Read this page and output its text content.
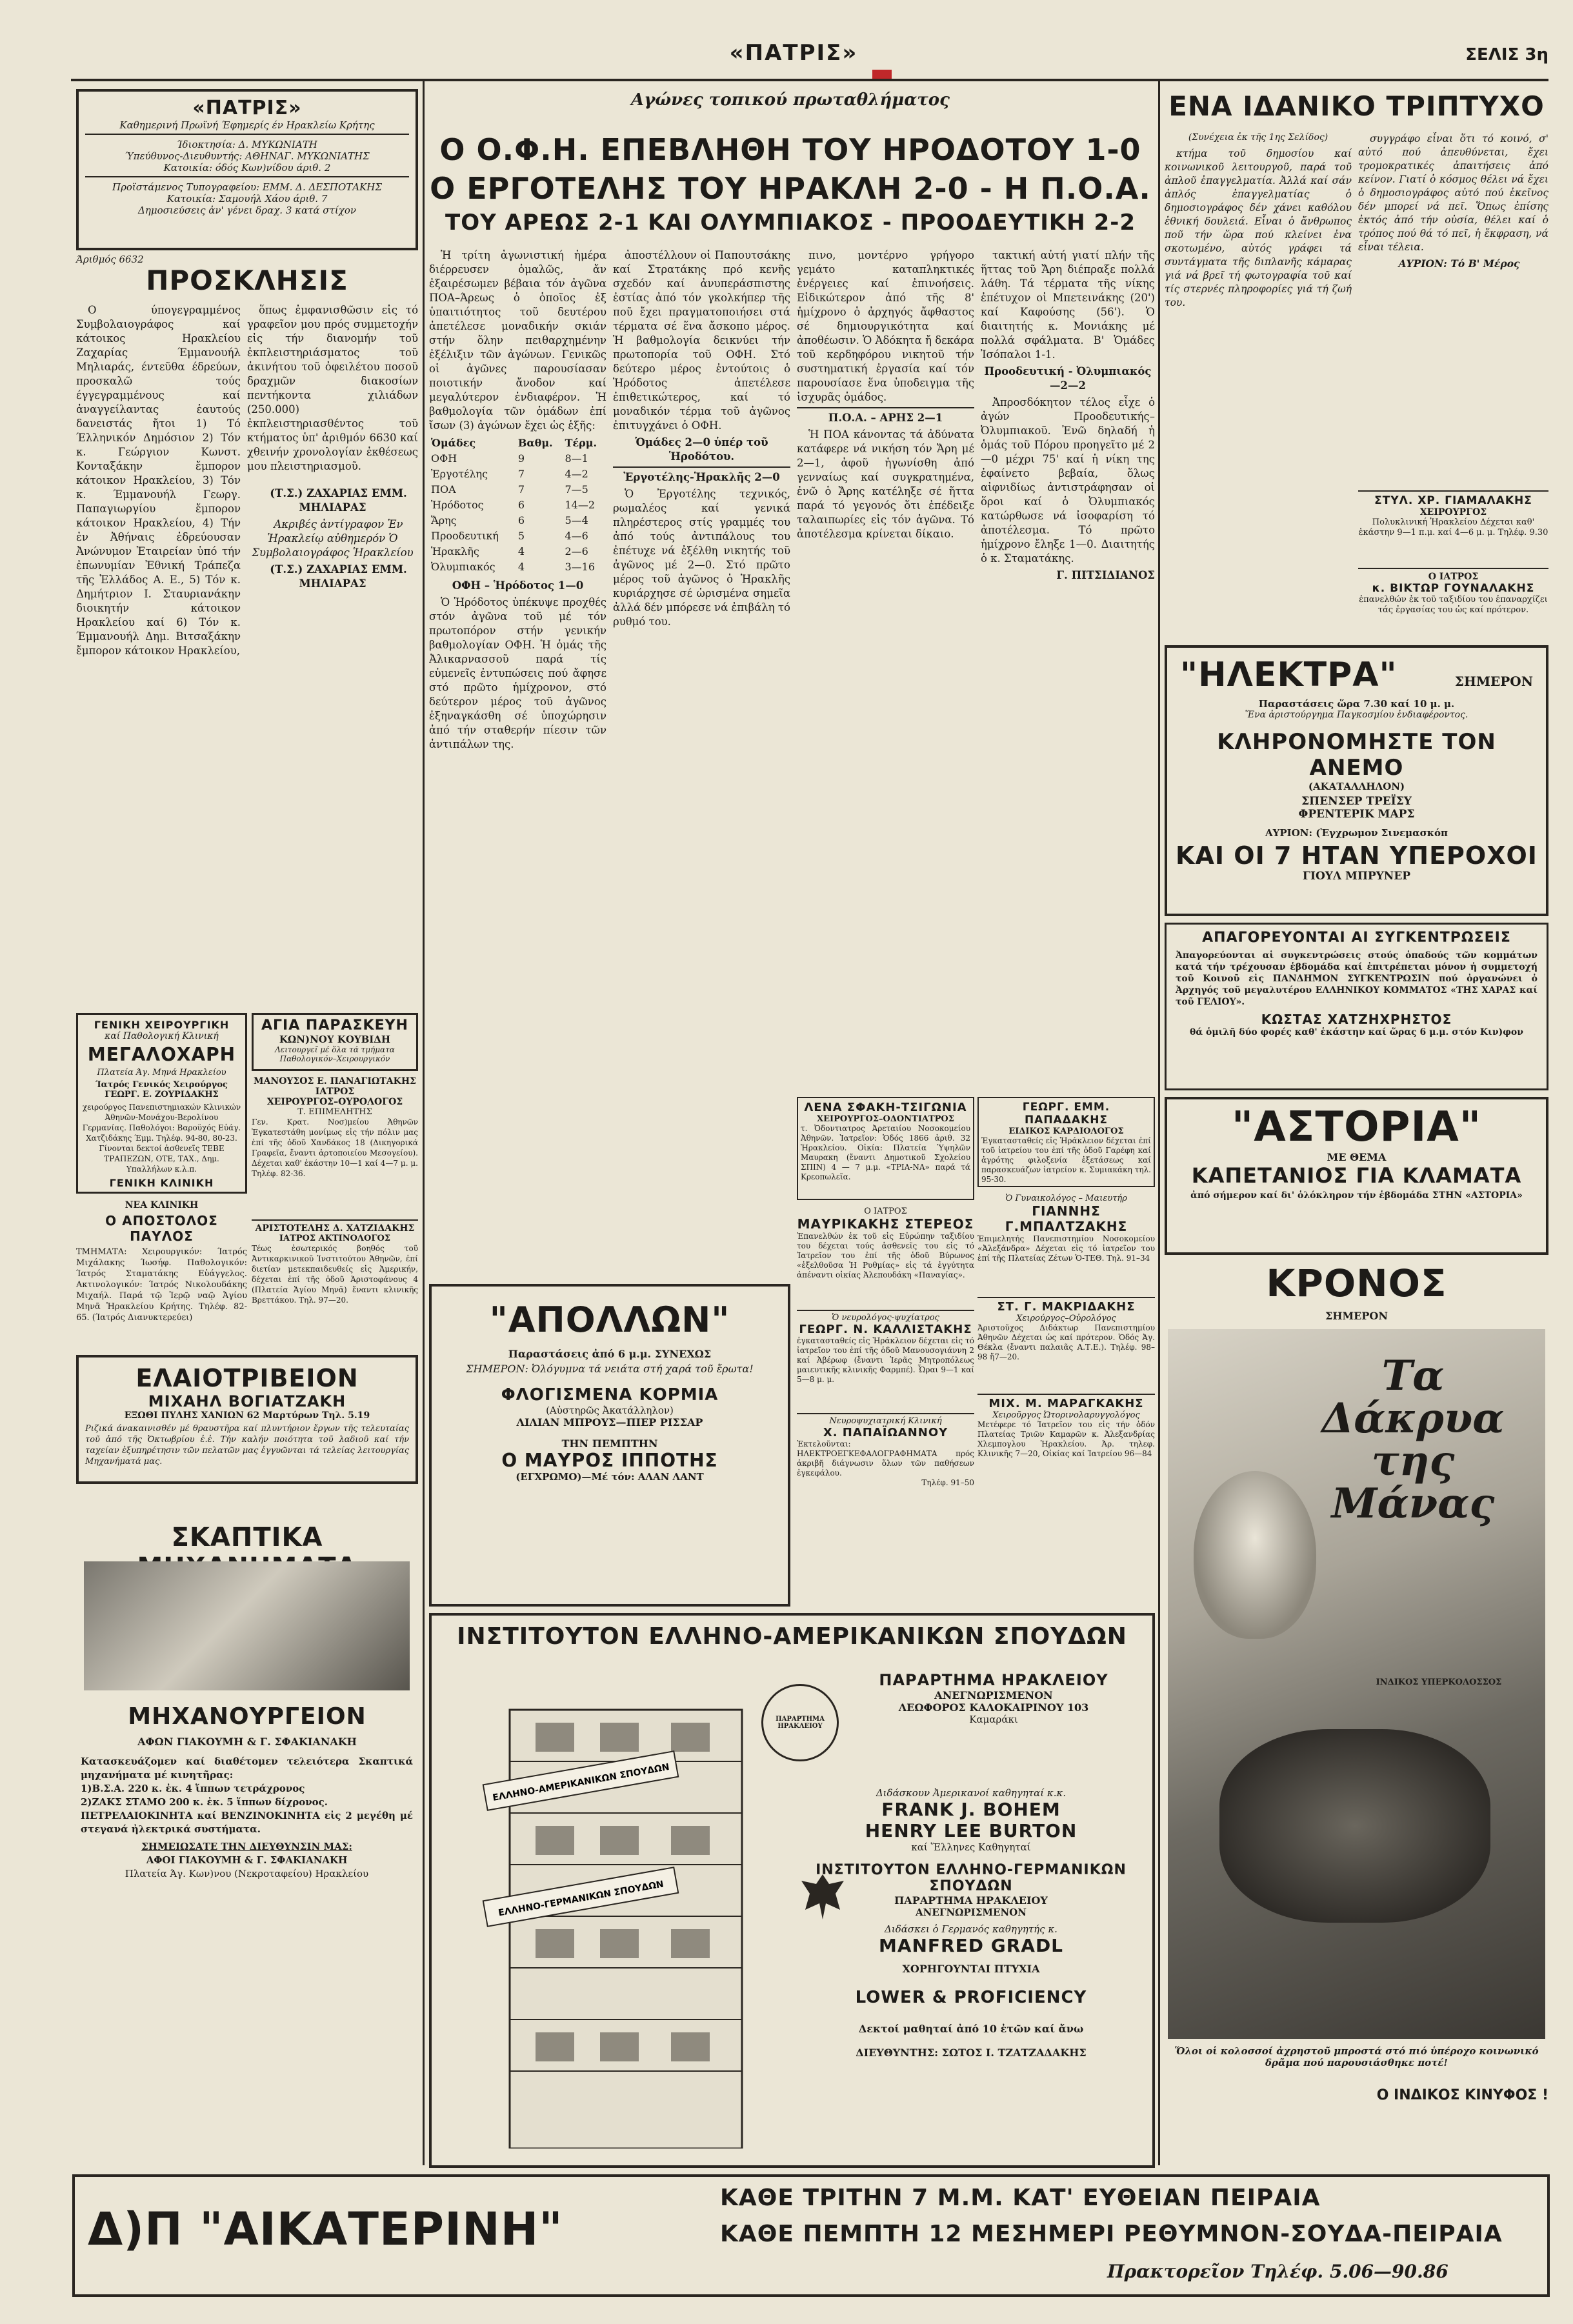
«ΠΑΤΡΙΣ»	ΣΕΛΙΣ 3η
«ΠΑΤΡΙΣ»
Καθημερινή Πρωϊνή Έφημερίς έν Ηρακλείω Κρήτης
Ίδιοκτησία: Δ. ΜΥΚΩΝΙΑΤΗ
Ύπεύθυνος-Διευθυντής: ΑΘΗΝΑΓ. ΜΥΚΩΝΙΑΤΗΣ
Κατοικία: όδός Κων)νίδου άριθ. 2
Προϊστάμενος Τυπογραφείου: ΕΜΜ. Δ. ΔΕΣΠΟΤΑΚΗΣ
Κατοικία: Σαμουήλ Χάου άριθ. 7
Δημοσιεύσεις ἀν' γένει δραχ. 3 κατά στίχον
Άριθμός 6632
ΠΡΟΣΚΛΗΣΙΣ

Ο ύπογεγραμμένος Συμβολαιογράφος καί κάτοικος Ηρακλείου Ζαχαρίας Έμμανουήλ Μηλιαράς, έντεῦθα έδρεύων, προσκαλῶ τούς έγγεγραμμένους καί ἀναγγείλαντας ἑαυτούς δανειστάς ἤτοι 1) Τό Έλληνικόν Δημόσιον 2) Τόν κ. Γεώργιον Κωνστ. Κονταξάκην ἔμπορον κάτοικον Ηρακλείου, 3) Τόν κ. Έμμανουήλ Γεωργ. Παπαγιωργίου ἔμπορον κάτοικον Ηρακλείου, 4) Τήν ἐν Ἀθήναις ἐδρεύουσαν Ἀνώνυμον Ἑταιρείαν ὑπό τήν ἐπωνυμίαν Ἐθνική Τράπεζα τῆς Ἑλλάδος Α. Ε., 5) Τόν κ. Δημήτριον Ι. Σταυριανάκην διοικητήν κάτοικον Ηρακλείου καί 6) Τόν κ. Έμμανουήλ Δημ. Βιτσαξάκην ἔμπορον κάτοικον Ηρακλείου,

ὅπως ἐμφανισθῶσιν εἰς τό γραφεῖον μου πρός συμμετοχήν εἰς τήν διανομήν τοῦ ἐκπλειστηριάσματος τοῦ ἀκινήτου τοῦ ὀφειλέτου ποσοῦ δραχμῶν διακοσίων πεντήκοντα χιλιάδων (250.000) ἐκπλειστηριασθέντος τοῦ κτήματος ὑπ' ἀριθμόν 6630 καί χθεινήν χρονολογίαν ἐκθέσεως μου πλειστηριασμοῦ.

(Τ.Σ.) ΖΑΧΑΡΙΑΣ ΕΜΜ. ΜΗΛΙΑΡΑΣ

Ακριβές ἀντίγραφον Ἐν Ἡρακλείῳ αὐθημερόν Ὁ Συμβολαιογράφος Ἡρακλείου

(Τ.Σ.) ΖΑΧΑΡΙΑΣ ΕΜΜ. ΜΗΛΙΑΡΑΣ

ΓΕΝΙΚΗ ΧΕΙΡΟΥΡΓΙΚΗ
καί Παθολογική Κλινική
ΜΕΓΑΛΟΧΑΡΗ
Πλατεία Άγ. Μηνά Ηρακλείου
Ίατρός Γενικός Χειρούργος ΓΕΩΡΓ. Ε. ΖΟΥΡΙΔΑΚΗΣ
χειρούργος Πανεπιστημιακών Κλινικών Ἀθηνῶν-Μονάχου-Βερολίνου Γερμανίας. Παθολόγοι: Βαροϋχός Εὐάγ. Χατζιδάκης Έμμ. Τηλέφ. 94-80, 80-23. Γίνονται δεκτοί ἀσθενεῖς ΤΕΒΕ ΤΡΑΠΕΖΩΝ, ΟΤΕ, ΤΑΧ., Δημ. Υπαλλήλων κ.λ.π.
ΓΕΝΙΚΗ ΚΛΙΝΙΚΗ
ΝΕΑ ΚΛΙΝΙΚΗ
Ο ΑΠΟΣΤΟΛΟΣ ΠΑΥΛΟΣ
ΤΜΗΜΑΤΑ: Χειρουργικόν: Ίατρός Μιχάλακης Ίωσήφ. Παθολογικόν: Ίατρός Σταματάκης Εὐάγγελος. Ακτινολογικόν: Ίατρός Νικολουδάκης Μιχαήλ. Παρά τῷ Ἱερῷ ναῷ Ἁγίου Μηνᾶ Ἡρακλείου Κρήτης. Τηλέφ. 82-65. (Ίατρός Διανυκτερεύει)
ΑΓΙΑ ΠΑΡΑΣΚΕΥΗ
ΚΩΝ)ΝΟΥ ΚΟΥΒΙΔΗ
Λειτουργεῖ μέ ὅλα τά τμήματα Παθολογικόν–Χειρουργικόν
ΜΑΝΟΥΣΟΣ Ε. ΠΑΝΑΓΙΩΤΑΚΗΣ
ΙΑΤΡΟΣ
ΧΕΙΡΟΥΡΓΟΣ–ΟΥΡΟΛΟΓΟΣ
Τ. ΕΠΙΜΕΛΗΤΗΣ
Γεν. Κρατ. Νοσ)μείου Ἀθηνῶν Ἐγκατεστάθη μονίμως εἰς τήν πόλιν μας ἐπί τῆς ὁδοῦ Χανδάκος 18 (Δικηγορικά Γραφεῖα, ἔναντι ἀρτοποιείου Μεσογείου). Δέχεται καθ' ἑκάστην 10—1 καί 4—7 μ. μ. Τηλέφ. 82-36.
ΑΡΙΣΤΟΤΕΛΗΣ Δ. ΧΑΤΖΙΔΑΚΗΣ
ΙΑΤΡΟΣ ΑΚΤΙΝΟΛΟΓΟΣ
Τέως ἐσωτερικός βοηθός τοῦ Ἀντικαρκινικοῦ Ἰνστιτούτου Ἀθηνῶν, ἐπί διετίαν μετεκπαιδευθείς εἰς Ἀμερικήν, δέχεται ἐπί τῆς ὁδοῦ Ἀριστοφάνους 4 (Πλατεία Ἁγίου Μηνᾶ) ἔναντι κλινικῆς Βρεττάκου. Τηλ. 97—20.
ΕΛΑΙΟΤΡΙΒΕΙΟΝ
ΜΙΧΑΗΛ ΒΟΓΙΑΤΖΑΚΗ
ΕΞΩΘΙ ΠΥΛΗΣ ΧΑΝΙΩΝ 62 Μαρτύρων Τηλ. 5.19
Ριζικά άνακαινισθέν μέ θραυστῆρα καί πλυντήριον ἔργων τῆς τελευταίας τοῦ ἀπό τῆς Ὀκτωβρίου ἐ.ἐ. Τήν καλήν ποιότητα τοῦ λαδιοῦ καί τήν ταχείαν ἐξυπηρέτησιν τῶν πελατῶν μας ἐγγυῶνται τά τελείας λειτουργίας Μηχανήματά μας.
ΣΚΑΠΤΙΚΑ
ΜΗΧΑΝΟΥΡΓΕΙΟΝ
ΑΦΩΝ ΓΙΑΚΟΥΜΗ & Γ. ΣΦΑΚΙΑΝΑΚΗ
Κατασκευάζομεν καί διαθέτομεν τελειότερα Σκαπτικά μηχανήματα μέ κινητῆρας:
1)Β.Σ.Α. 220 κ. ἐκ. 4 ἵππων τετράχρονος
2)ΖΑΚΣ ΣΤΑΜΟ 200 κ. ἐκ. 5 ἵππων δίχρονος.
ΠΕΤΡΕΛΑΙΟΚΙΝΗΤΑ καί ΒΕΝΖΙΝΟΚΙΝΗΤΑ εἰς 2 μεγέθη μέ στεγανά ἠλεκτρικά συστήματα.
ΣΗΜΕΙΩΣΑΤΕ ΤΗΝ ΔΙΕΥΘΥΝΣΙΝ ΜΑΣ:
ΑΦΟΙ ΓΙΑΚΟΥΜΗ & Γ. ΣΦΑΚΙΑΝΑΚΗ
Πλατεία Άγ. Κων)νου (Νεκροταφείου) Ηρακλείου
Αγώνες τοπικού πρωταθλήματος
Ο Ο.Φ.Η. ΕΠΕΒΛΗΘΗ ΤΟΥ ΗΡΟΔΟΤΟΥ 1-0
Ο ΕΡΓΟΤΕΛΗΣ ΤΟΥ ΗΡΑΚΛΗ 2-0 - Η Π.Ο.Α.
ΤΟΥ ΑΡΕΩΣ 2-1 ΚΑΙ ΟΛΥΜΠΙΑΚΟΣ - ΠΡΟΟΔΕΥΤΙΚΗ 2-2

Ἡ τρίτη ἀγωνιστική ἡμέρα διέρρευσεν ὁμαλῶς, ἄν ἐξαιρέσωμεν βέβαια τόν ἀγῶνα ΠΟΑ–Άρεως ὁ ὁποῖος ἐξ ὑπαιτιότητος τοῦ δευτέρου ἀπετέλεσε μοναδικήν σκιάν στήν ὅλην πειθαρχημένην ἐξέλιξιν τῶν ἀγώνων. Γενικῶς οἱ ἀγῶνες παρουσίασαν ποιοτικήν ἄνοδον καί μεγαλύτερον ἐνδιαφέρον. Ἡ βαθμολογία τῶν ὁμάδων ἐπί ἴσων (3) ἀγώνων ἔχει ὡς ἑξῆς:

Ὁμάδες	Βαθμ.	Τέρμ.
ΟΦΗ	9	8—1
Ἐργοτέλης	7	4—2
ΠΟΑ	7	7—5
Ἡρόδοτος	6	14—2
Ἄρης	6	5—4
Προοδευτική	5	4—6
Ἡρακλῆς	4	2—6
Ὀλυμπιακός	4	3—16

ΟΦΗ – Ἡρόδοτος 1—0

Ὁ Ἡρόδοτος ὑπέκυψε προχθές στόν ἀγῶνα τοῦ μέ τόν πρωτοπόρον στήν γενικήν βαθμολογίαν ΟΦΗ. Ἡ ὁμάς τῆς Ἀλικαρνασσοῦ παρά τίς εὐμενεῖς ἐντυπώσεις πού ἄφησε στό πρῶτο ἡμίχρονον, στό δεύτερον μέρος τοῦ ἀγῶνος ἐξηναγκάσθη σέ ὑποχώρησιν ἀπό τήν σταθερήν πίεσιν τῶν ἀντιπάλων της.

ἀποστέλλουν οἱ Παπουτσάκης καί Στρατάκης πρό κενῆς σχεδόν καί ἀνυπεράσπιστης ἐστίας ἀπό τόν γκολκήπερ τῆς ποῦ ἔχει πραγματοποιήσει στά τέρματα σέ ἕνα ἄσκοπο μέρος. Ἡ βαθμολογία δεικνύει τήν πρωτοπορία τοῦ ΟΦΗ. Στό δεύτερο μέρος ἐντούτοις ὁ Ἡρόδοτος ἀπετέλεσε ἐπιθετικώτερος, καί τό μοναδικόν τέρμα τοῦ ἀγῶνος ἐπιτυγχάνει ὁ ΟΦΗ.

Ὁμάδες 2—0 ὑπέρ τοῦ Ἡροδότου.

Ἐργοτέλης-Ἡρακλῆς 2—0

Ὁ Ἐργοτέλης τεχνικός, ρωμαλέος καί γενικά πληρέστερος στίς γραμμές του ἀπό τούς ἀντιπάλους του ἐπέτυχε νά ἐξέλθη νικητής τοῦ ἀγῶνος μέ 2—0. Στό πρῶτο μέρος τοῦ ἀγῶνος ὁ Ἡρακλῆς κυριάρχησε σέ ὡρισμένα σημεῖα ἀλλά δέν μπόρεσε νά ἐπιβάλη τό ρυθμό του.

πινο, μοντέρνο γρήγορο γεμάτο καταπληκτικές ἐνέργειες καί ἐπινοήσεις. Εἰδικώτερον ἀπό τῆς 8' ἡμίχρονο ὁ ἀρχηγός ἄφθαστος σέ δημιουργικότητα καί ἀποθέωσιν. Ὁ Ἀδόκητα ἤ δεκάρα τοῦ κερδηφόρου νικητοῦ τήν συστηματική ἐργασία καί τόν παρουσίασε ἕνα ὑποδειγμα τῆς ἰσχυρᾶς ὁμάδος.

Π.Ο.Α. – ΑΡΗΣ 2—1

Ἡ ΠΟΑ κάνοντας τά ἀδύνατα κατάφερε νά νικήση τόν Ἄρη μέ 2—1, ἀφοῦ ἡγωνίσθη ἀπό γενναίως καί συγκρατημένα, ἐνῶ ὁ Ἄρης κατέληξε σέ ἥττα παρά τό γεγονός ὅτι ἐπέδειξε ταλαιπωρίες εἰς τόν ἀγῶνα. Τό ἀποτέλεσμα κρίνεται δίκαιο.

τακτική αὐτή γιατί πλήν τῆς ἥττας τοῦ Ἄρη διέπραξε πολλά λάθη. Τά τέρματα τῆς νίκης ἐπέτυχον οἱ Μπετεινάκης (20') καί Καφούσης (56'). Ὁ διαιτητής κ. Μονιάκης μέ πολλά σφάλματα. Β' Ὁμάδες Ἰσόπαλοι 1-1.

Προοδευτική - Ὀλυμπιακός—2—2

Ἀπροσδόκητον τέλος εἶχε ὁ ἀγών Προοδευτικής–Ὀλυμπιακοῦ. Ἐνῶ δηλαδή ἡ ὁμάς τοῦ Πόρου προηγεῖτο μέ 2—0 μέχρι 75' καί ἡ νίκη της ἐφαίνετο βεβαία, ὅλως αἰφνιδίως ἀντιστράφησαν οἱ ὅροι καί ὁ Ὀλυμπιακός κατώρθωσε νά ἰσοφαρίση τό ἀποτέλεσμα. Τό πρῶτο ἡμίχρονο ἔληξε 1—0. Διαιτητής ὁ κ. Σταματάκης.

Γ. ΠΙΤΣΙΔΙΑΝΟΣ

ΛΕΝΑ ΣΦΑΚΗ-ΤΣΙΓΩΝΙΑ
ΧΕΙΡΟΥΡΓΟΣ–ΟΔΟΝΤΙΑΤΡΟΣ
τ. Ὀδοντιατρος Ἀρεταιίου Νοσοκομείου Ἀθηνῶν. Ἰατρεῖον: Ὁδός 1866 ἀριθ. 32 Ἡρακλείου. Οἰκία: Πλατεία Ὑψηλῶν Μαυρακη (ἔναντι Δημοτικοῦ Σχολείου ΣΠΙΝ) 4 — 7 μ.μ. «ΤΡΙΑ-ΝΑ» παρά τά Κρεοπωλεῖα.
ΓΕΩΡΓ. ΕΜΜ. ΠΑΠΑΔΑΚΗΣ
ΕΙΔΙΚΟΣ ΚΑΡΔΙΟΛΟΓΟΣ
Ἐγκατασταθείς εἰς Ἡράκλειον δέχεται ἐπί τοῦ ἰατρείου του ἐπί τῆς ὁδοῦ Γαρέφη καί ἀγρότης φιλοξενία ἐξετάσεως καί παρασκευάζων ἰατρείον κ. Συμιακάκη τηλ. 95-30.
Ο ΙΑΤΡΟΣ
ΜΑΥΡΙΚΑΚΗΣ ΣΤΕΡΕΟΣ
Ἐπανελθών ἐκ τοῦ εἰς Εὐρώπην ταξιδίου του δέχεται τούς ἀσθενεῖς του εἰς τό Ἰατρεῖον του ἐπί τῆς ὁδοῦ Βύρωνος «ἐξελθοῦσα Ἡ Ρυθμίας» εἰς τά ἐγγύτητα ἀπέναντι οἰκίας Ἀλεπουδάκη «Παναγίας».
Ὁ Γυναικολόγος – Μαιευτήρ
ΓΙΑΝΝΗΣ Γ.ΜΠΑΛΤΖΑΚΗΣ
Ἐπιμελητής Πανεπιστημίου Νοσοκομείου «Ἀλεξάνδρα» Δέχεται εἰς τό ἰατρεῖον του ἐπί τῆς Πλατείας Ζέτων Ὁ-ΤΕΘ. Τηλ. 91–34
Ὁ νευρολόγος-ψυχίατρος
ΓΕΩΡΓ. Ν. ΚΑΛΛΙΣΤΑΚΗΣ
ἐγκατασταθείς εἰς Ἡράκλειον δέχεται εἰς τό ἰατρεῖον του ἐπί τῆς ὁδοῦ Μανουσογιάννη 2 καί Ἀβέρωφ (ἔναντι Ἱερᾶς Μητροπόλεως μαιευτικῆς κλινικῆς Φαρμπέ). Ὧραι 9—1 καί 5—8 μ. μ.
ΣΤ. Γ. ΜΑΚΡΙΔΑΚΗΣ
Χειρούργος–Οὐρολόγος
Ἀριστοῦχος Διδάκτωρ Πανεπιστημίου Ἀθηνῶν Δέχεται ὡς καί πρότερον. Ὁδός Ἀγ. Θέκλα (ἔναντι παλαιᾶς Α.Τ.Ε.). Τηλέφ. 98–98 ἤ7—20.
Νευροψυχιατρική Κλινική
Χ. ΠΑΠΑΪΩΑΝΝΟΥ
Ἐκτελοῦνται: ΗΛΕΚΤΡΟΕΓΚΕΦΑΛΟΓΡΑΦΗΜΑΤΑ πρός ἀκριβῆ διάγνωσιν ὅλων τῶν παθήσεων ἐγκεφάλου.
Τηλέφ. 91–50
ΜΙΧ. Μ. ΜΑΡΑΓΚΑΚΗΣ
Χειροῦργος Ὠτορινολαρυγγολόγος
Μετέφερε τό Ἰατρεῖον του εἰς τήν ὁδόν Πλατείας Τριῶν Καμαρῶν κ. Ἀλεξανδρίας Χλεμπογλου Ἡρακλείου. Ἀρ. τηλεφ. Κλινικῆς 7—20, Οἰκίας καί Ἰατρείου 96—84
"ΑΠΟΛΛΩΝ"
Παραστάσεις ἀπό 6 μ.μ. ΣΥΝΕΧΩΣ
ΣΗΜΕΡΟΝ: Ὀλόγυμνα τά νειάτα στή χαρά τοῦ ἔρωτα!
ΦΛΟΓΙΣΜΕΝΑ ΚΟΡΜΙΑ
(Αὐστηρῶς Ἀκατάλληλον)
ΛΙΛΙΑΝ ΜΠΡΟΥΣ—ΠΙΕΡ ΡΙΣΣΑΡ
ΤΗΝ ΠΕΜΠΤΗΝ
Ο ΜΑΥΡΟΣ ΙΠΠΟΤΗΣ
(ΕΓΧΡΩΜΟ)—Μέ τόν: ΑΛΑΝ ΛΑΝΤ
ΙΝΣΤΙΤΟΥΤΟΝ ΕΛΛΗΝΟ-ΑΜΕΡΙΚΑΝΙΚΩΝ ΣΠΟΥΔΩΝ
ΕΛΛΗΝΟ-ΑΜΕΡΙΚΑΝΙΚΩΝ ΣΠΟΥΔΩΝ
ΕΛΛΗΝΟ-ΓΕΡΜΑΝΙΚΩΝ ΣΠΟΥΔΩΝ
ΠΑΡΑΡΤΗΜΑ ΗΡΑΚΛΕΙΟΥ
ΠΑΡΑΡΤΗΜΑ ΗΡΑΚΛΕΙΟΥ
ΑΝΕΓΝΩΡΙΣΜΕΝΟΝ
ΛΕΩΦΟΡΟΣ ΚΑΛΟΚΑΙΡΙΝΟΥ 103
Καμαράκι
Διδάσκουν Ἀμερικανοί καθηγηταί κ.κ.
FRANK J. BOHEM
HENRY LEE BURTON
καί Ἕλληνες Καθηγηταί
ΙΝΣΤΙΤΟΥΤΟΝ ΕΛΛΗΝΟ-ΓΕΡΜΑΝΙΚΩΝ ΣΠΟΥΔΩΝ
ΠΑΡΑΡΤΗΜΑ ΗΡΑΚΛΕΙΟΥ
ΑΝΕΓΝΩΡΙΣΜΕΝΟΝ
Διδάσκει ὁ Γερμανός καθηγητής κ.
MANFRED GRADL
ΧΟΡΗΓΟΥΝΤΑΙ ΠΤΥΧΙΑ
LOWER & PROFICIENCY
Δεκτοί μαθηταί ἀπό 10 ἐτῶν καί ἄνω
ΔΙΕΥΘΥΝΤΗΣ: ΣΩΤΟΣ Ι. ΤΖΑΤΖΑΔΑΚΗΣ
ΕΝΑ ΙΔΑΝΙΚΟ ΤΡΙΠΤΥΧΟ
(Συνέχεια ἐκ τῆς 1ης Σελίδος)

κτήμα τοῦ δημοσίου καί κοινωνικοῦ λειτουργοῦ, παρά τοῦ ἁπλοῦ ἐπαγγελματία. Ἀλλά καί σάν ἁπλός ἐπαγγελματίας ὁ δημοσιογράφος δέν χάνει καθόλου ἐθνική δουλειά. Εἶναι ὁ ἄνθρωπος ποῦ τήν ὥρα πού κλείνει ἐνα σκοτωμένο, αὐτός γράφει τά συντάγματα τῆς διπλανῆς κάμαρας γιά νά βρεῖ τή φωτογραφία τοῦ καί τίς στερνές πληροφορίες γιά τή ζωή του.

συγγράφο εἶναι ὅτι τό κοινό, σ' αὐτό πού ἀπευθύνεται, ἔχει τρομοκρατικές ἀπαιτήσεις ἀπό κείνον. Γιατί ὁ κόσμος θέλει νά ἔχει ὁ δημοσιογράφος αὐτό πού ἐκεῖνος δέν μπορεί νά πεῖ. Ὅπως ἐπίσης ἐκτός ἀπό τήν οὐσία, θέλει καί ὁ τρόπος πού θά τό πεῖ, ἡ ἔκφραση, νά εἶναι τέλεια.

ΑΥΡΙΟΝ: Τό Β' Μέρος

ΣΤΥΛ. ΧΡ. ΓΙΑΜΑΛΑΚΗΣ
ΧΕΙΡΟΥΡΓΟΣ
Πολυκλινική Ἡρακλείου Δέχεται καθ' ἑκάστην 9—1 π.μ. καί 4—6 μ. μ. Τηλέφ. 9.30
Ο ΙΑΤΡΟΣ
κ. ΒΙΚΤΩΡ ΓΟΥΝΑΛΑΚΗΣ
ἐπανελθών ἐκ τοῦ ταξιδίου του ἐπαναρχίζει τάς ἐργασίας του ὡς καί πρότερον.
"ΗΛΕΚΤΡΑ"	ΣΗΜΕΡΟΝ
Παραστάσεις ὥρα 7.30 καί 10 μ. μ.
Ἕνα ἀριστούργημα Παγκοσμίου ἐνδιαφέροντος.
ΚΛΗΡΟΝΟΜΗΣΤΕ ΤΟΝ ΑΝΕΜΟ
(ΑΚΑΤΑΛΛΗΛΟΝ)
ΣΠΕΝΣΕΡ ΤΡΕΪΣΥ
ΦΡΕΝΤΕΡΙΚ ΜΑΡΣ
ΑΥΡΙΟΝ: (Ἐγχρωμον Σινεμασκόπ
ΚΑΙ ΟΙ 7 ΗΤΑΝ ΥΠΕΡΟΧΟΙ
ΓΙΟΥΛ ΜΠΡΥΝΕΡ
ΑΠΑΓΟΡΕΥΟΝΤΑΙ ΑΙ ΣΥΓΚΕΝΤΡΩΣΕΙΣ
Ἀπαγορεύονται αἱ συγκεντρώσεις στούς ὁπαδούς τῶν κομμάτων κατά τήν τρέχουσαν ἑβδομάδα καί ἐπιτρέπεται μόνον ἡ συμμετοχή τοῦ Κοινοῦ εἰς ΠΑΝΔΗΜΟΝ ΣΥΓΚΕΝΤΡΩΣΙΝ πού ὀργανώνει ὁ Ἀρχηγός τοῦ μεγαλυτέρου ΕΛΛΗΝΙΚΟΥ ΚΟΜΜΑΤΟΣ «ΤΗΣ ΧΑΡΑΣ καί τοῦ ΓΕΛΙΟΥ».
ΚΩΣΤΑΣ ΧΑΤΖΗΧΡΗΣΤΟΣ
θά ὁμιλῆ δύο φορές καθ' ἑκάστην καί ὥρας 6 μ.μ. στόν Κιν)φον
"ΑΣΤΟΡΙΑ"
ΜΕ ΘΕΜΑ
ΚΑΠΕΤΑΝΙΟΣ ΓΙΑ ΚΛΑΜΑΤΑ
ἀπό σήμερον καί δι' ὁλόκληρον τήν ἑβδομάδα ΣΤΗΝ «ΑΣΤΟΡΙΑ»
ΚΡΟΝΟΣ
ΣΗΜΕΡΟΝ
Τα Δάκρυα της Μάνας
ΙΝΔΙΚΟΣ ΥΠΕΡΚΟΛΟΣΣΟΣ
Ὅλοι οἱ κολοσσοί ἀχρηστοῦ μπροστά στό πιό ὑπέροχο κοινωνικό δρᾶμα πού παρουσιάσθηκε ποτέ!
Ο ΙΝΔΙΚΟΣ ΚΙΝΥΦΟΣ !
Δ)Π "ΑΙΚΑΤΕΡΙΝΗ"
ΚΑΘΕ ΤΡΙΤΗΝ 7 Μ.Μ. ΚΑΤ' ΕΥΘΕΙΑΝ ΠΕΙΡΑΙΑ
ΚΑΘΕ ΠΕΜΠΤΗ 12 ΜΕΣΗΜΕΡΙ ΡΕΘΥΜΝΟΝ-ΣΟΥΔΑ-ΠΕΙΡΑΙΑ
Πρακτορεῖον Τηλέφ. 5.06—90.86
